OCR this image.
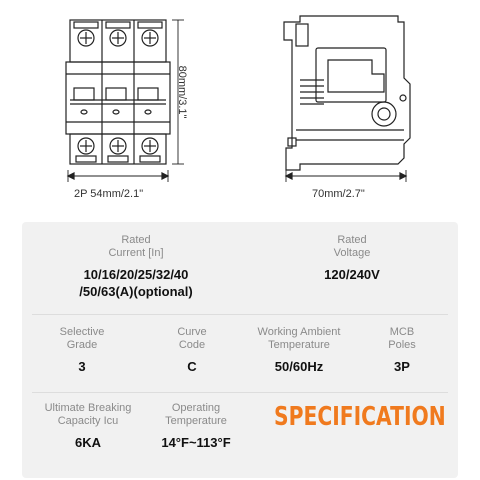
80mm/3.1"
2P 54mm/2.1"	70mm/2.7"
Rated
Current [In]
10/16/20/25/32/40
/50/63(A)(optional)
Rated
Voltage
120/240V
Selective
Grade
3
Curve
Code
C
Working Ambient
Temperature
50/60Hz
MCB
Poles
3P
Ultimate Breaking
Capacity Icu
6KA
Operating
Temperature
14°F~113°F
SPECIFICATION
